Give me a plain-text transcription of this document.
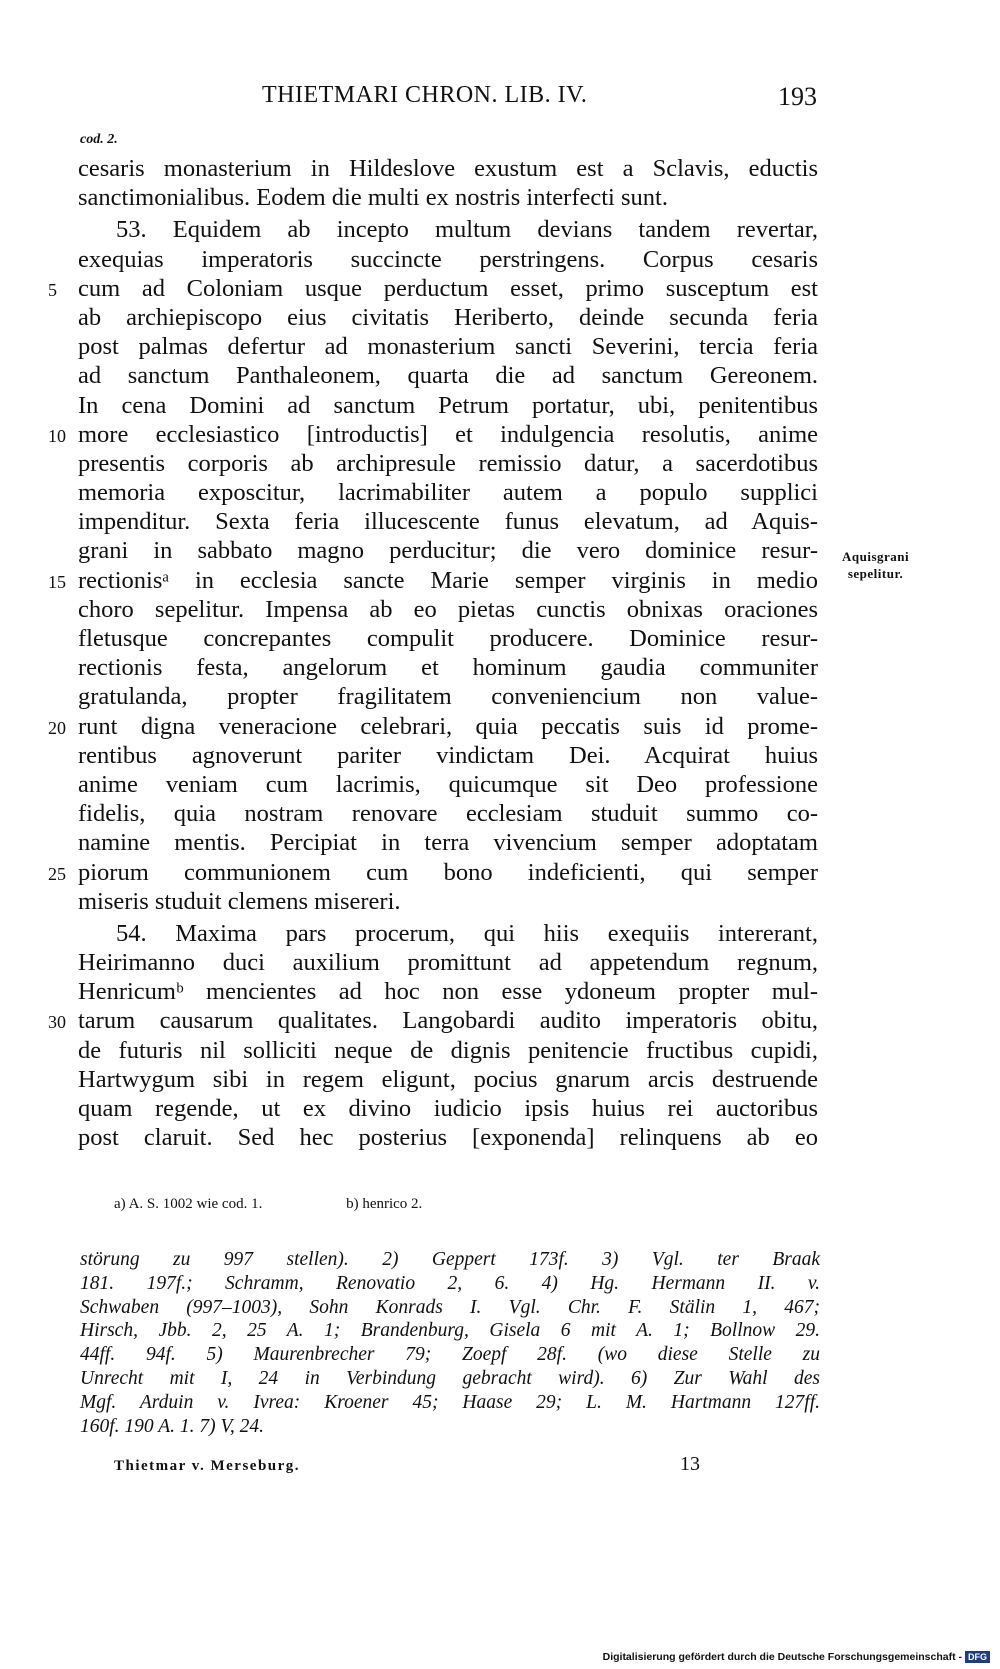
THIETMARI CHRON. LIB. IV.	193
cod. 2.
cesaris monasterium in Hildeslove exustum est a Sclavis, eductis
sanctimonialibus. Eodem die multi ex nostris interfecti sunt.
53. Equidem ab incepto multum devians tandem revertar,
exequias imperatoris succincte perstringens. Corpus cesaris
5 cum ad Coloniam usque perductum esset, primo susceptum est
ab archiepiscopo eius civitatis Heriberto, deinde secunda feria
post palmas defertur ad monasterium sancti Severini, tercia feria
ad sanctum Panthaleonem, quarta die ad sanctum Gereonem.
In cena Domini ad sanctum Petrum portatur, ubi, penitentibus
10 more ecclesiastico [introductis] et indulgencia resolutis, anime
presentis corporis ab archipresule remissio datur, a sacerdotibus
memoria exposcitur, lacrimabiliter autem a populo supplici
impenditur. Sexta feria illucescente funus elevatum, ad Aquis-
grani in sabbato magno perducitur; die vero dominice resur-
15 rectionisᵃ in ecclesia sancte Marie semper virginis in medio
choro sepelitur. Impensa ab eo pietas cunctis obnixas oraciones
fletusque concrepantes compulit producere. Dominice resur-
rectionis festa, angelorum et hominum gaudia communiter
gratulanda, propter fragilitatem conveniencium non value-
20 runt digna veneracione celebrari, quia peccatis suis id prome-
rentibus agnoverunt pariter vindictam Dei. Acquirat huius
anime veniam cum lacrimis, quicumque sit Deo professione
fidelis, quia nostram renovare ecclesiam studuit summo co-
namine mentis. Percipiat in terra vivencium semper adoptatam
25 piorum communionem cum bono indeficienti, qui semper
miseris studuit clemens misereri.
54. Maxima pars procerum, qui hiis exequiis intererant,
Heirimanno duci auxilium promittunt ad appetendum regnum,
Henricumᵇ mencientes ad hoc non esse ydoneum propter mul-
30 tarum causarum qualitates. Langobardi audito imperatoris obitu,
de futuris nil solliciti neque de dignis penitencie fructibus cupidi,
Hartwygum sibi in regem eligunt, pocius gnarum arcis destruende
quam regende, ut ex divino iudicio ipsis huius rei auctoribus
post claruit. Sed hec posterius [exponenda] relinquens ab eo
Aquisgrani
sepelitur.
a) A. S. 1002 wie cod. 1.	b) henrico 2.
störung zu 997 stellen). 2) Geppert 173f. 3) Vgl. ter Braak
181. 197f.; Schramm, Renovatio 2, 6. 4) Hg. Hermann II. v.
Schwaben (997–1003), Sohn Konrads I. Vgl. Chr. F. Stälin 1, 467;
Hirsch, Jbb. 2, 25 A. 1; Brandenburg, Gisela 6 mit A. 1; Bollnow 29.
44ff. 94f. 5) Maurenbrecher 79; Zoepf 28f. (wo diese Stelle zu
Unrecht mit I, 24 in Verbindung gebracht wird). 6) Zur Wahl des
Mgf. Arduin v. Ivrea: Kroener 45; Haase 29; L. M. Hartmann 127ff.
160f. 190 A. 1. 7) V, 24.
Thietmar v. Merseburg.	13
Digitalisierung gefördert durch die Deutsche Forschungsgemeinschaft - DFG
